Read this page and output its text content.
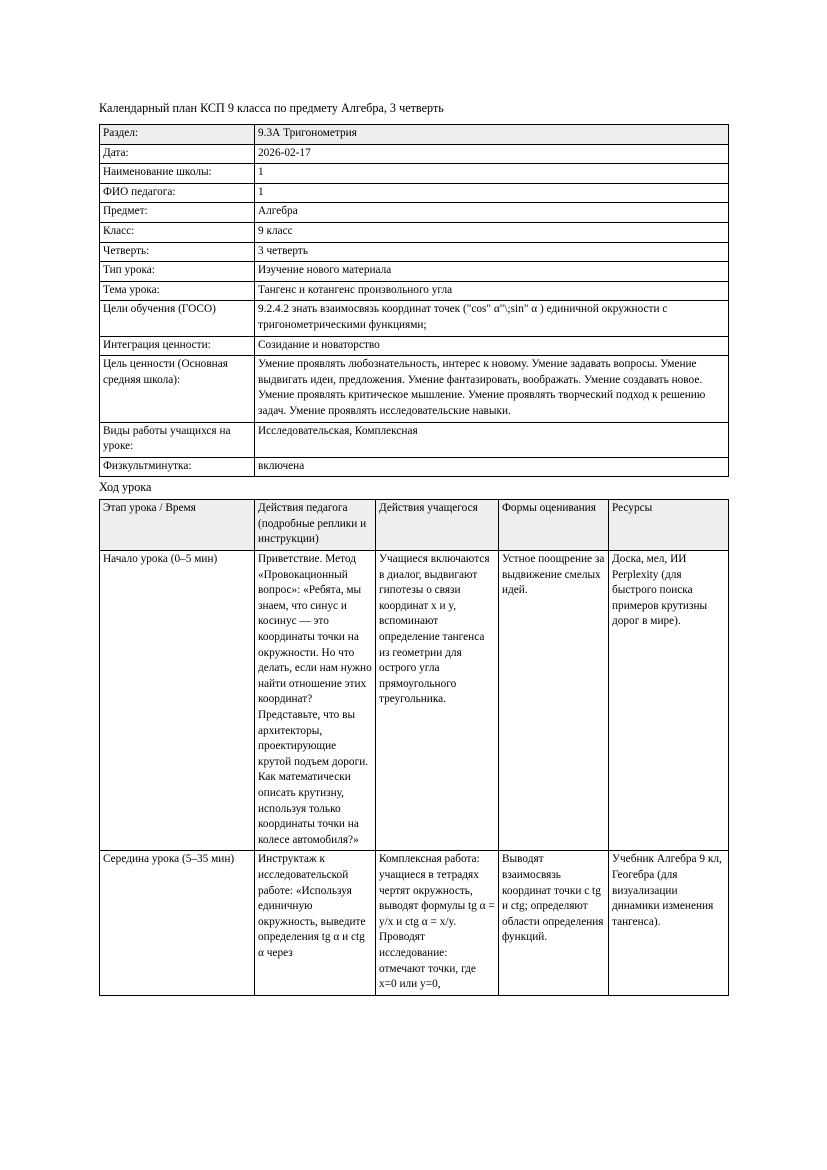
Календарный план КСП 9 класса по предмету Алгебра, 3 четверть

Раздел:	9.3А Тригонометрия
Дата:	2026-02-17
Наименование школы:	1
ФИО педагога:	1
Предмет:	Алгебра
Класс:	9 класс
Четверть:	3 четверть
Тип урока:	Изучение нового материала
Тема урока:	Тангенс и котангенс произвольного угла
Цели обучения (ГОСО)	9.2.4.2 знать взаимосвязь координат точек ("cos" α"\;sin" α ) единичной окружности с тригонометрическими функциями;
Интеграция ценности:	Созидание и новаторство
Цель ценности (Основная средняя школа):	Умение проявлять любознательность, интерес к новому. Умение задавать вопросы. Умение выдвигать идеи, предложения. Умение фантазировать, воображать. Умение создавать новое. Умение проявлять критическое мышление. Умение проявлять творческий подход к решению задач. Умение проявлять исследовательские навыки.
Виды работы учащихся на уроке:	Исследовательская, Комплексная
Физкультминутка:	включена

Ход урока

Этап урока / Время	Действия педагога (подробные реплики и инструкции)	Действия учащегося	Формы оценивания	Ресурсы
Начало урока (0–5 мин)	Приветствие. Метод «Провокационный вопрос»: «Ребята, мы знаем, что синус и косинус — это координаты точки на окружности. Но что делать, если нам нужно найти отношение этих координат? Представьте, что вы архитекторы, проектирующие крутой подъем дороги. Как математически описать крутизну, используя только координаты точки на колесе автомобиля?»	Учащиеся включаются в диалог, выдвигают гипотезы о связи координат x и y, вспоминают определение тангенса из геометрии для острого угла прямоугольного треугольника.	Устное поощрение за выдвижение смелых идей.	Доска, мел, ИИ Perplexity (для быстрого поиска примеров крутизны дорог в мире).
Середина урока (5–35 мин)	Инструктаж к исследовательской работе: «Используя единичную окружность, выведите определения tg α и ctg α через	Комплексная работа: учащиеся в тетрадях чертят окружность, выводят формулы tg α = y/x и ctg α = x/y. Проводят исследование: отмечают точки, где x=0 или y=0,	Выводят взаимосвязь координат точки с tg и ctg; определяют области определения функций.	Учебник Алгебра 9 кл, Геогебра (для визуализации динамики изменения тангенса).
